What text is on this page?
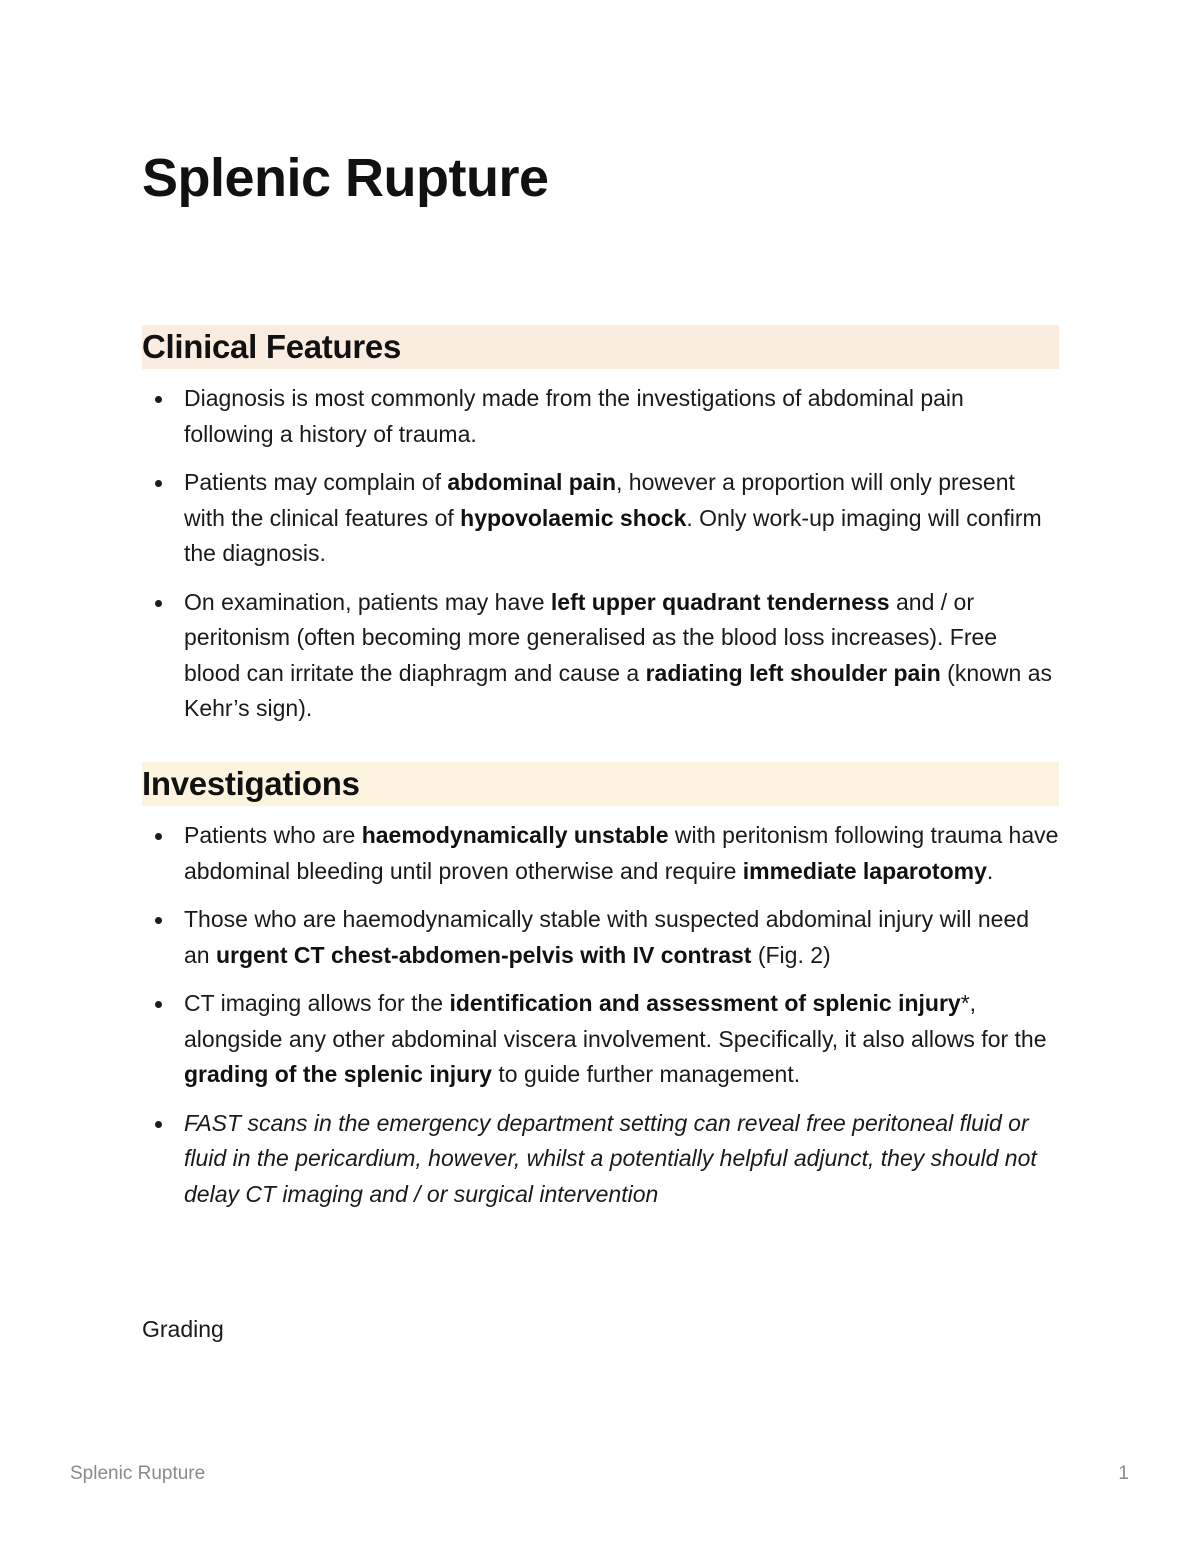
Splenic Rupture
Clinical Features
Diagnosis is most commonly made from the investigations of abdominal pain following a history of trauma.
Patients may complain of abdominal pain, however a proportion will only present with the clinical features of hypovolaemic shock. Only work-up imaging will confirm the diagnosis.
On examination, patients may have left upper quadrant tenderness and / or peritonism (often becoming more generalised as the blood loss increases). Free blood can irritate the diaphragm and cause a radiating left shoulder pain (known as Kehr’s sign).
Investigations
Patients who are haemodynamically unstable with peritonism following trauma have abdominal bleeding until proven otherwise and require immediate laparotomy.
Those who are haemodynamically stable with suspected abdominal injury will need an urgent CT chest-abdomen-pelvis with IV contrast (Fig. 2)
CT imaging allows for the identification and assessment of splenic injury*, alongside any other abdominal viscera involvement. Specifically, it also allows for the grading of the splenic injury to guide further management.
FAST scans in the emergency department setting can reveal free peritoneal fluid or fluid in the pericardium, however, whilst a potentially helpful adjunct, they should not delay CT imaging and / or surgical intervention
Grading
Splenic Rupture	1
